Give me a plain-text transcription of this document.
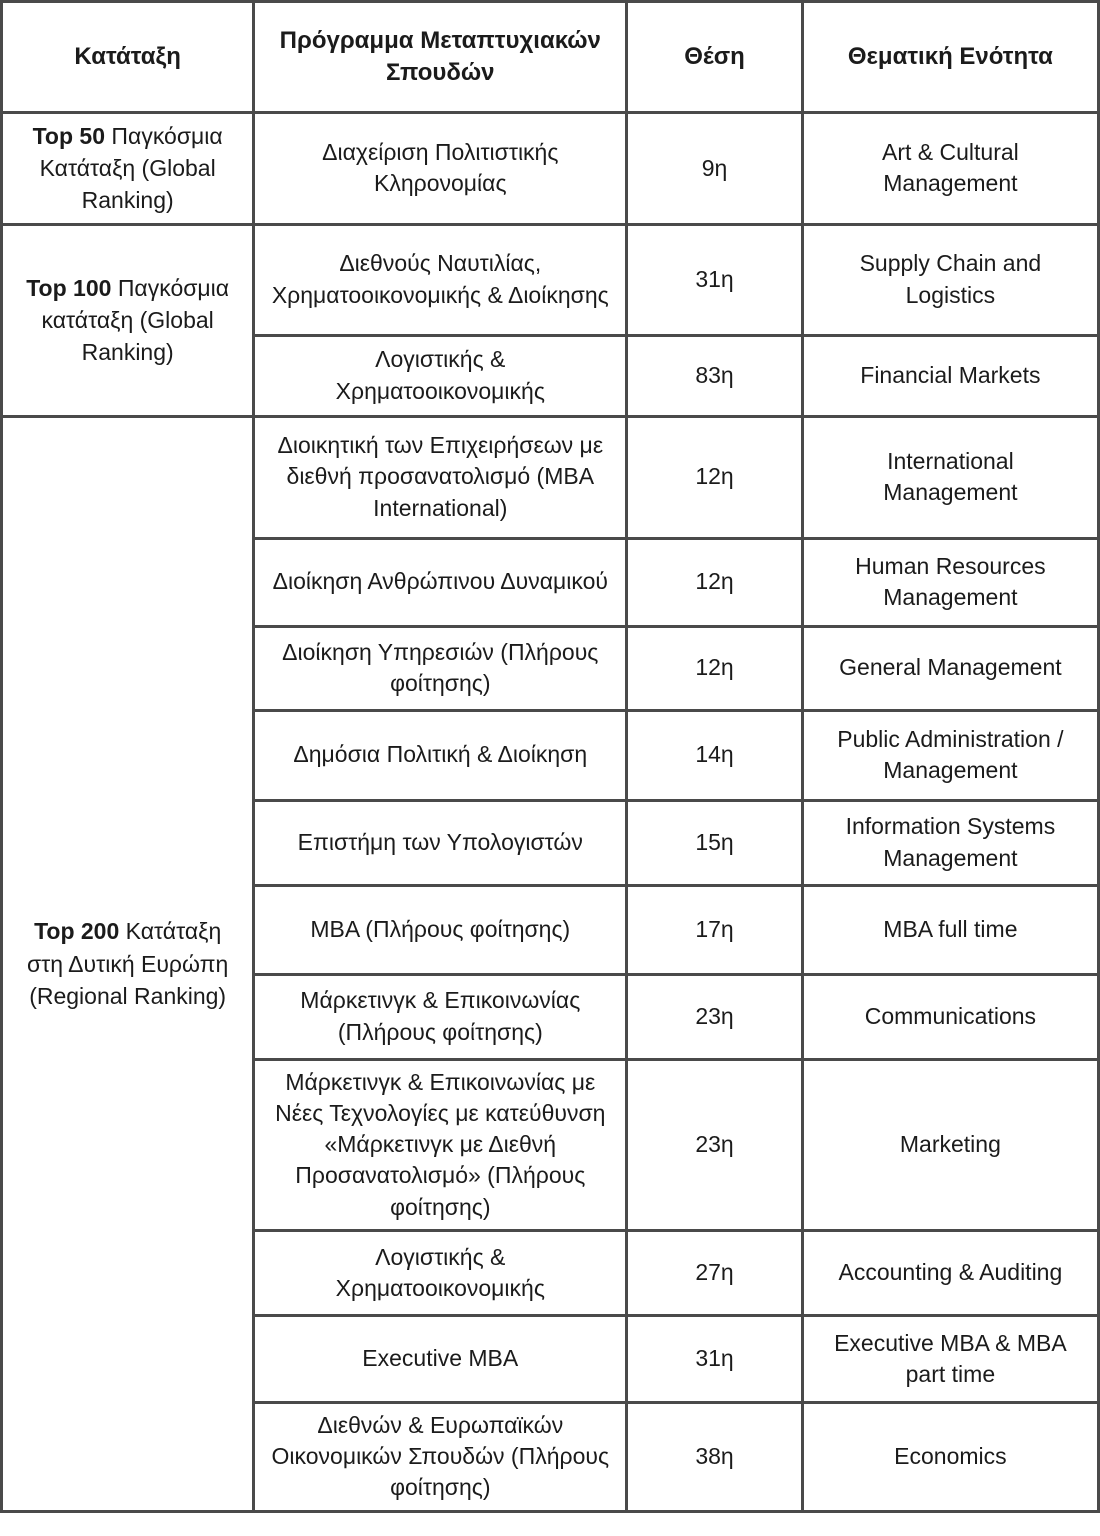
Κατάταξη	Πρόγραμμα Μεταπτυχιακών Σπουδών	Θέση	Θεματική Ενότητα
Top 50 Παγκόσμια Κατάταξη (Global Ranking)	Διαχείριση Πολιτιστικής Κληρονομίας	9η	Art & Cultural Management
Top 100 Παγκόσμια κατάταξη (Global Ranking)	Διεθνούς Ναυτιλίας, Χρηματοοικονομικής & Διοίκησης	31η	Supply Chain and Logistics
	Λογιστικής & Χρηματοοικονομικής	83η	Financial Markets
Top 200 Κατάταξη στη Δυτική Ευρώπη (Regional Ranking)	Διοικητική των Επιχειρήσεων με διεθνή προσανατολισμό (MBA International)	12η	International Management
	Διοίκηση Ανθρώπινου Δυναμικού	12η	Human Resources Management
	Διοίκηση Υπηρεσιών (Πλήρους φοίτησης)	12η	General Management
	Δημόσια Πολιτική & Διοίκηση	14η	Public Administration / Management
	Επιστήμη των Υπολογιστών	15η	Information Systems Management
	MBA (Πλήρους φοίτησης)	17η	MBA full time
	Μάρκετινγκ & Επικοινωνίας (Πλήρους φοίτησης)	23η	Communications
	Μάρκετινγκ & Επικοινωνίας με Νέες Τεχνολογίες με κατεύθυνση «Μάρκετινγκ με Διεθνή Προσανατολισμό» (Πλήρους φοίτησης)	23η	Marketing
	Λογιστικής & Χρηματοοικονομικής	27η	Accounting & Auditing
	Executive MBA	31η	Executive MBA & MBA part time
	Διεθνών & Ευρωπαϊκών Οικονομικών Σπουδών (Πλήρους φοίτησης)	38η	Economics
